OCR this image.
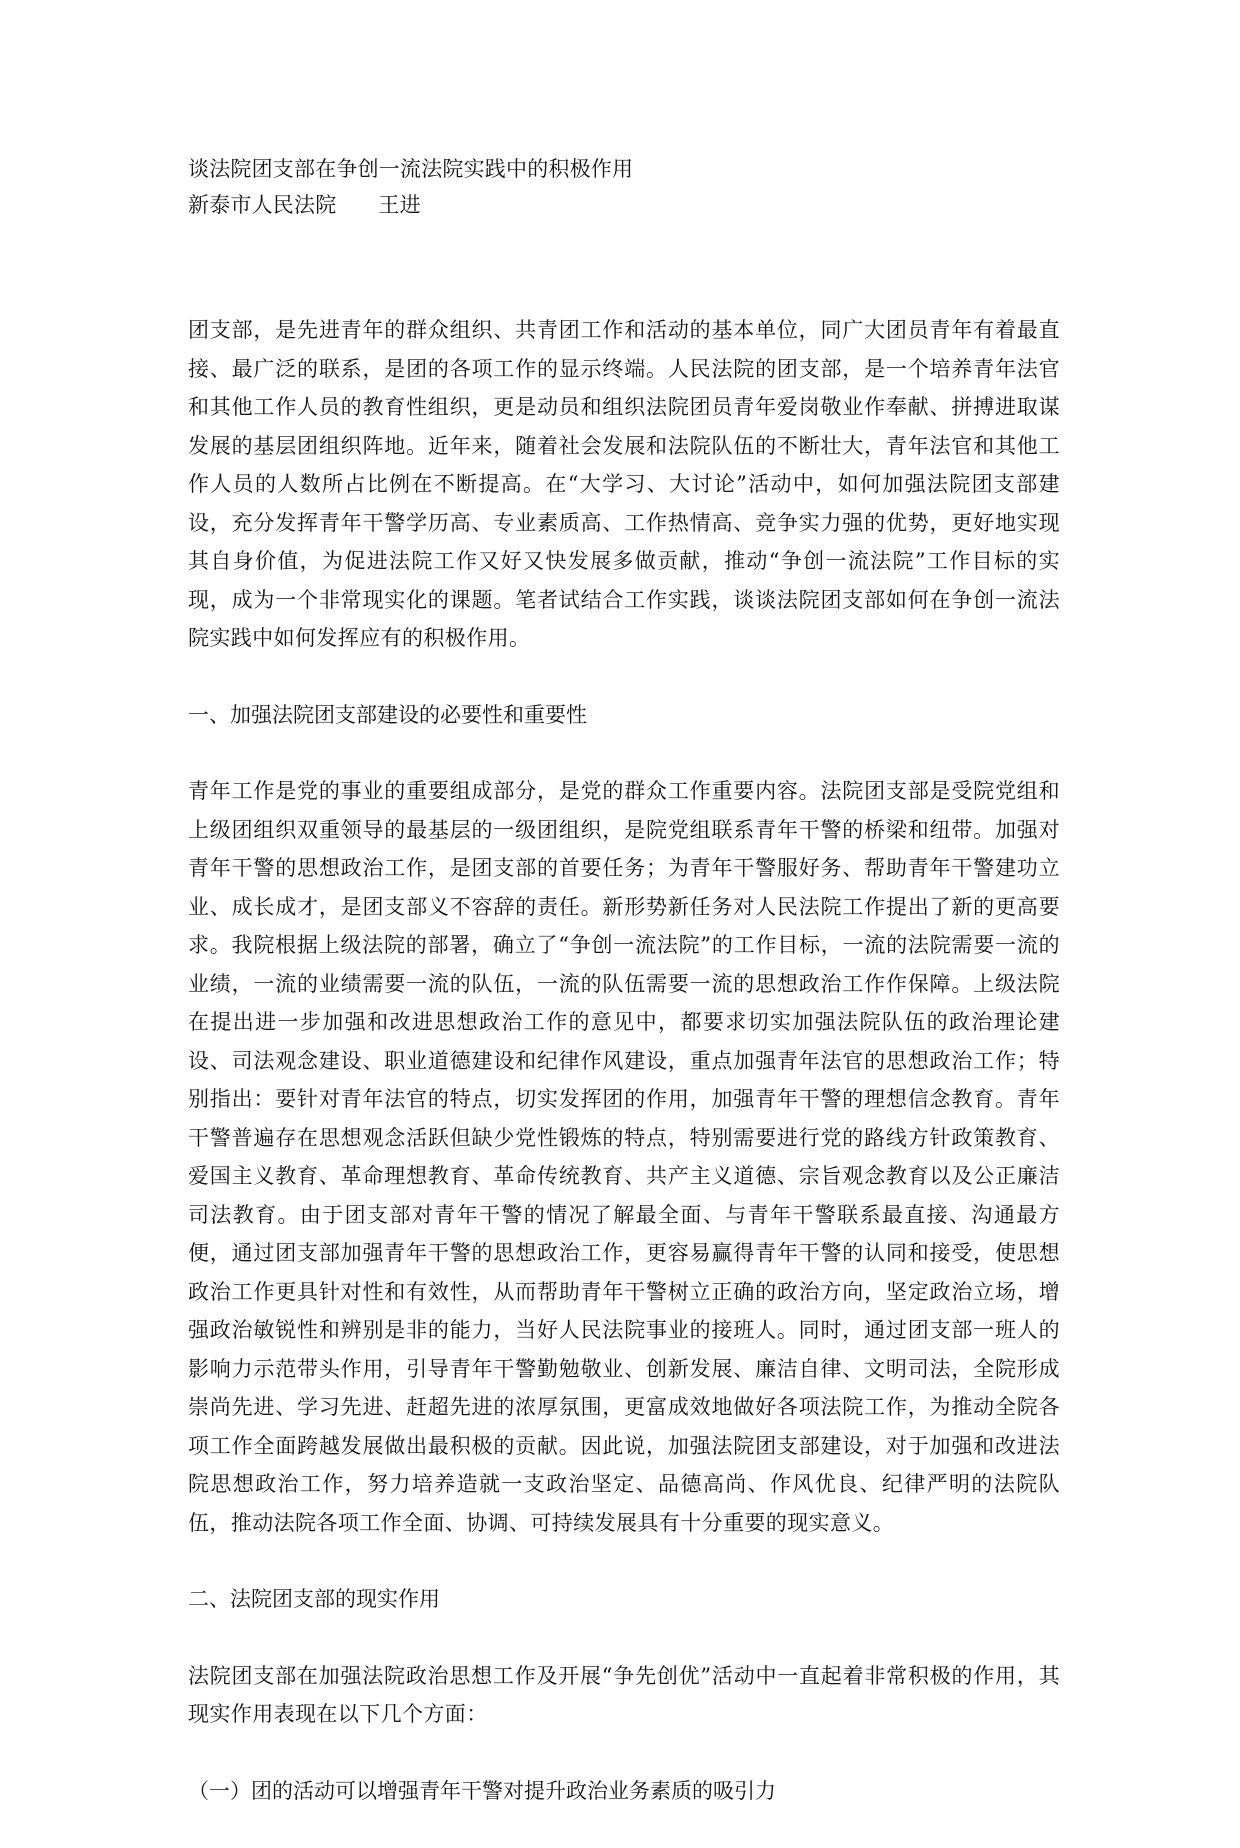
谈法院团支部在争创一流法院实践中的积极作用
新泰市人民法院 王进

团支部，是先进青年的群众组织、共青团工作和活动的基本单位，同广大团员青年有着最直接、最广泛的联系，是团的各项工作的显示终端。人民法院的团支部，是一个培养青年法官和其他工作人员的教育性组织，更是动员和组织法院团员青年爱岗敬业作奉献、拼搏进取谋发展的基层团组织阵地。近年来，随着社会发展和法院队伍的不断壮大，青年法官和其他工作人员的人数所占比例在不断提高。在“大学习、大讨论”活动中，如何加强法院团支部建设，充分发挥青年干警学历高、专业素质高、工作热情高、竞争实力强的优势，更好地实现其自身价值，为促进法院工作又好又快发展多做贡献，推动“争创一流法院”工作目标的实现，成为一个非常现实化的课题。笔者试结合工作实践，谈谈法院团支部如何在争创一流法院实践中如何发挥应有的积极作用。

一、加强法院团支部建设的必要性和重要性

青年工作是党的事业的重要组成部分，是党的群众工作重要内容。法院团支部是受院党组和上级团组织双重领导的最基层的一级团组织，是院党组联系青年干警的桥梁和纽带。加强对青年干警的思想政治工作，是团支部的首要任务；为青年干警服好务、帮助青年干警建功立业、成长成才，是团支部义不容辞的责任。新形势新任务对人民法院工作提出了新的更高要求。我院根据上级法院的部署，确立了“争创一流法院”的工作目标，一流的法院需要一流的业绩，一流的业绩需要一流的队伍，一流的队伍需要一流的思想政治工作作保障。上级法院在提出进一步加强和改进思想政治工作的意见中，都要求切实加强法院队伍的政治理论建设、司法观念建设、职业道德建设和纪律作风建设，重点加强青年法官的思想政治工作；特别指出：要针对青年法官的特点，切实发挥团的作用，加强青年干警的理想信念教育。青年干警普遍存在思想观念活跃但缺少党性锻炼的特点，特别需要进行党的路线方针政策教育、爱国主义教育、革命理想教育、革命传统教育、共产主义道德、宗旨观念教育以及公正廉洁司法教育。由于团支部对青年干警的情况了解最全面、与青年干警联系最直接、沟通最方便，通过团支部加强青年干警的思想政治工作，更容易赢得青年干警的认同和接受，使思想政治工作更具针对性和有效性，从而帮助青年干警树立正确的政治方向，坚定政治立场，增强政治敏锐性和辨别是非的能力，当好人民法院事业的接班人。同时，通过团支部一班人的影响力示范带头作用，引导青年干警勤勉敬业、创新发展、廉洁自律、文明司法，全院形成崇尚先进、学习先进、赶超先进的浓厚氛围，更富成效地做好各项法院工作，为推动全院各项工作全面跨越发展做出最积极的贡献。因此说，加强法院团支部建设，对于加强和改进法院思想政治工作，努力培养造就一支政治坚定、品德高尚、作风优良、纪律严明的法院队伍，推动法院各项工作全面、协调、可持续发展具有十分重要的现实意义。

二、法院团支部的现实作用

法院团支部在加强法院政治思想工作及开展“争先创优”活动中一直起着非常积极的作用，其现实作用表现在以下几个方面：

（一）团的活动可以增强青年干警对提升政治业务素质的吸引力
